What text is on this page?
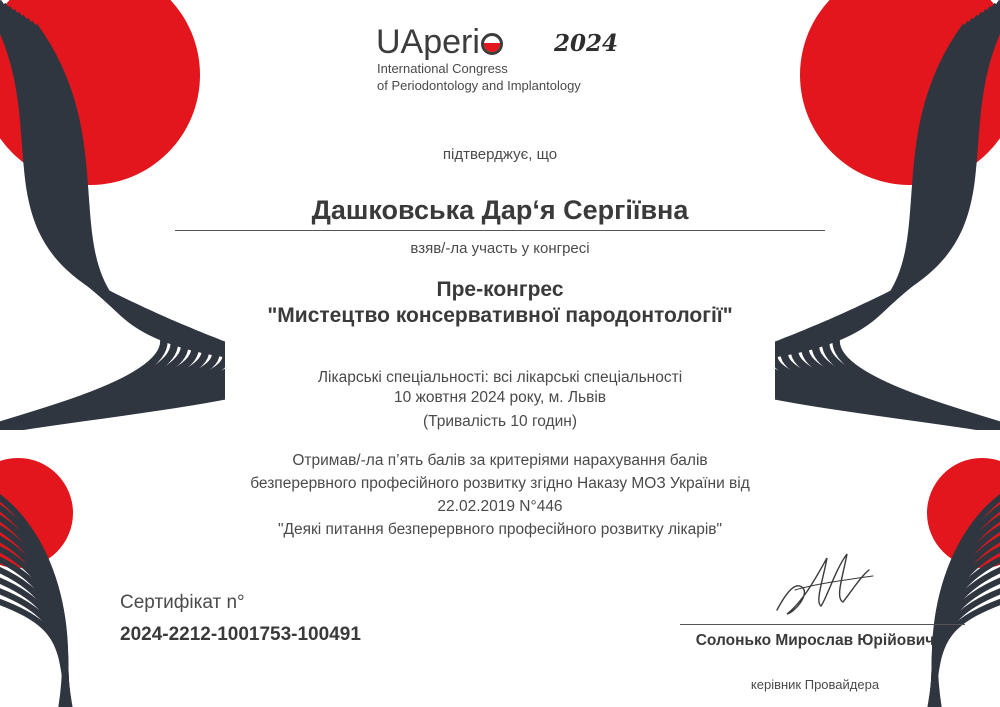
UAperi	2024
International Congress
of Periodontology and Implantology
підтверджує, що
Дашковська Дар‘я Сергіївна
взяв/-ла участь у конгресі
Пре-конгрес
"Мистецтво консервативної пародонтології"
Лікарські спеціальності: всі лікарські спеціальності
10 жовтня 2024 року, м. Львів
(Тривалість 10 годин)
Отримав/-ла п’ять балів за критеріями нарахування балів
безперервного професійного розвитку згідно Наказу МОЗ України від
22.02.2019 N°446
"Деякі питання безперервного професійного розвитку лікарів"
Сертифікат n°
2024-2212-1001753-100491	Солонько Мирослав Юрійович
керівник Провайдера
